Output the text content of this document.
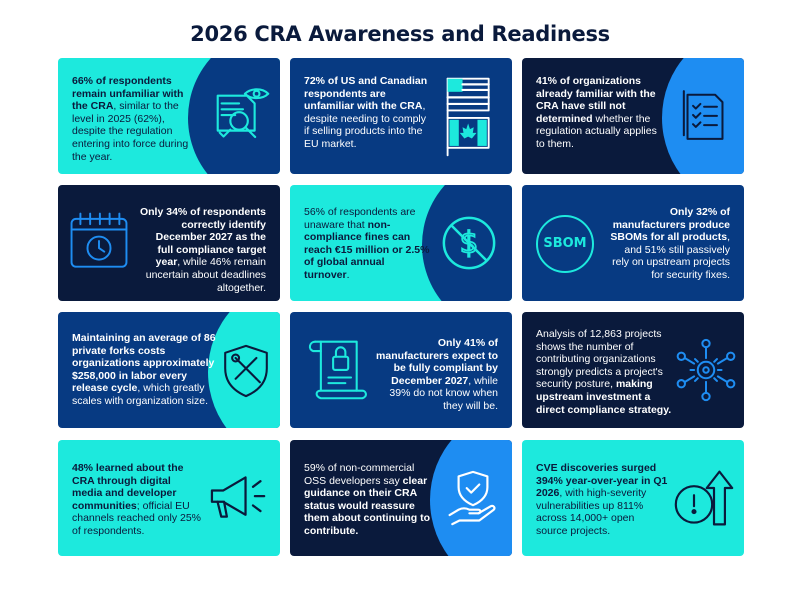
2026 CRA Awareness and Readiness
66% of respondents remain unfamiliar with the CRA, similar to the level in 2025 (62%), despite the regulation entering into force during the year.
72% of US and Canadian respondents are unfamiliar with the CRA, despite needing to comply if selling products into the EU market.
41% of organizations already familiar with the CRA have still not determined whether the regulation actually applies to them.
Only 34% of respondents correctly identify December 2027 as the full compliance target year, while 46% remain uncertain about deadlines altogether.
56% of respondents are unaware that non-compliance fines can reach €15 million or 2.5% of global annual turnover.
$
Only 32% of manufacturers produce SBOMs for all products, and 51% still passively rely on upstream projects for security fixes.
SBOM
Maintaining an average of 86 private forks costs organizations approximately $258,000 in labor every release cycle, which greatly scales with organization size.
Only 41% of manufacturers expect to be fully compliant by December 2027, while 39% do not know when they will be.
Analysis of 12,863 projects shows the number of contributing organizations strongly predicts a project's security posture, making upstream investment a direct compliance strategy.
48% learned about the CRA through digital media and developer communities; official EU channels reached only 25% of respondents.
59% of non-commercial OSS developers say clear guidance on their CRA status would reassure them about continuing to contribute.
CVE discoveries surged 394% year-over-year in Q1 2026, with high-severity vulnerabilities up 811% across 14,000+ open source projects.
